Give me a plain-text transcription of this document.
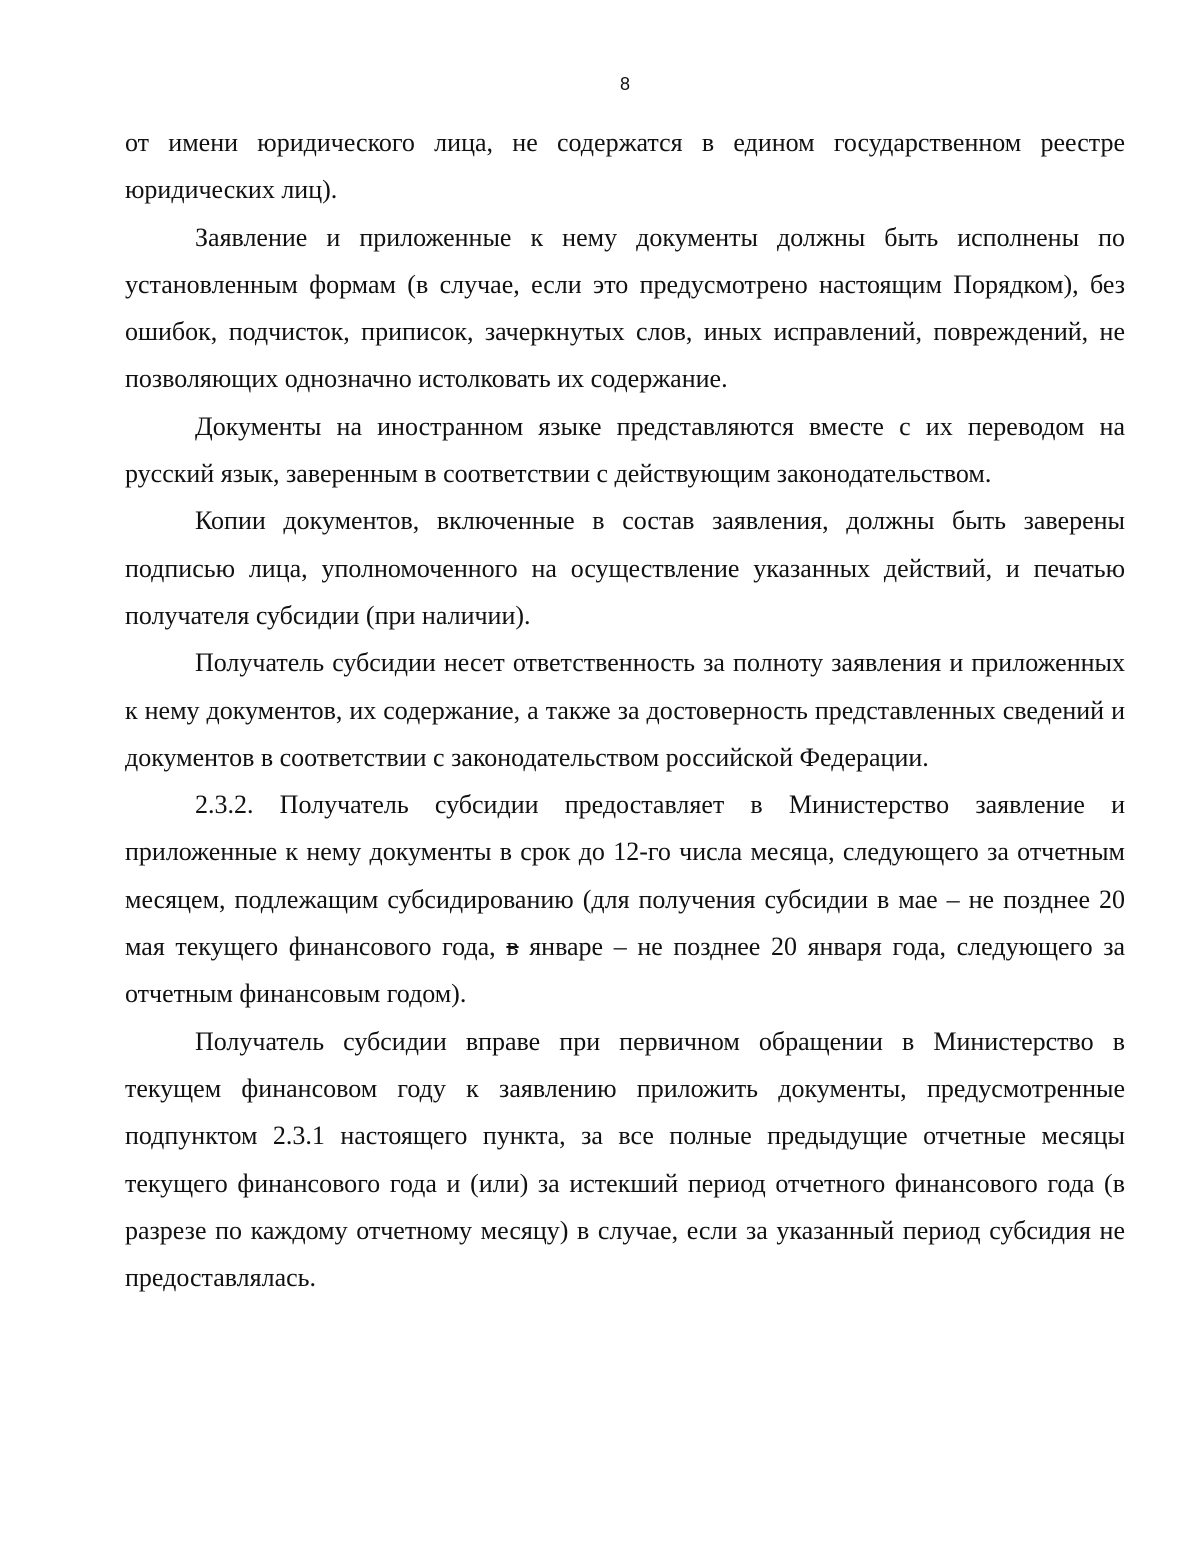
8

от имени юридического лица, не содержатся в едином государственном реестре юридических лиц).

Заявление и приложенные к нему документы должны быть исполнены по установленным формам (в случае, если это предусмотрено настоящим Порядком), без ошибок, подчисток, приписок, зачеркнутых слов, иных исправлений, повреждений, не позволяющих однозначно истолковать их содержание.

Документы на иностранном языке представляются вместе с их переводом на русский язык, заверенным в соответствии с действующим законодательством.

Копии документов, включенные в состав заявления, должны быть заверены подписью лица, уполномоченного на осуществление указанных действий, и печатью получателя субсидии (при наличии).

Получатель субсидии несет ответственность за полноту заявления и приложенных к нему документов, их содержание, а также за достоверность представленных сведений и документов в соответствии с законодательством российской Федерации.

2.3.2. Получатель субсидии предоставляет в Министерство заявление и приложенные к нему документы в срок до 12-го числа месяца, следующего за отчетным месяцем, подлежащим субсидированию (для получения субсидии в мае – не позднее 20 мая текущего финансового года, в январе – не позднее 20 января года, следующего за отчетным финансовым годом).

Получатель субсидии вправе при первичном обращении в Министерство в текущем финансовом году к заявлению приложить документы, предусмотренные подпунктом 2.3.1 настоящего пункта, за все полные предыдущие отчетные месяцы текущего финансового года и (или) за истекший период отчетного финансового года (в разрезе по каждому отчетному месяцу) в случае, если за указанный период субсидия не предоставлялась.
